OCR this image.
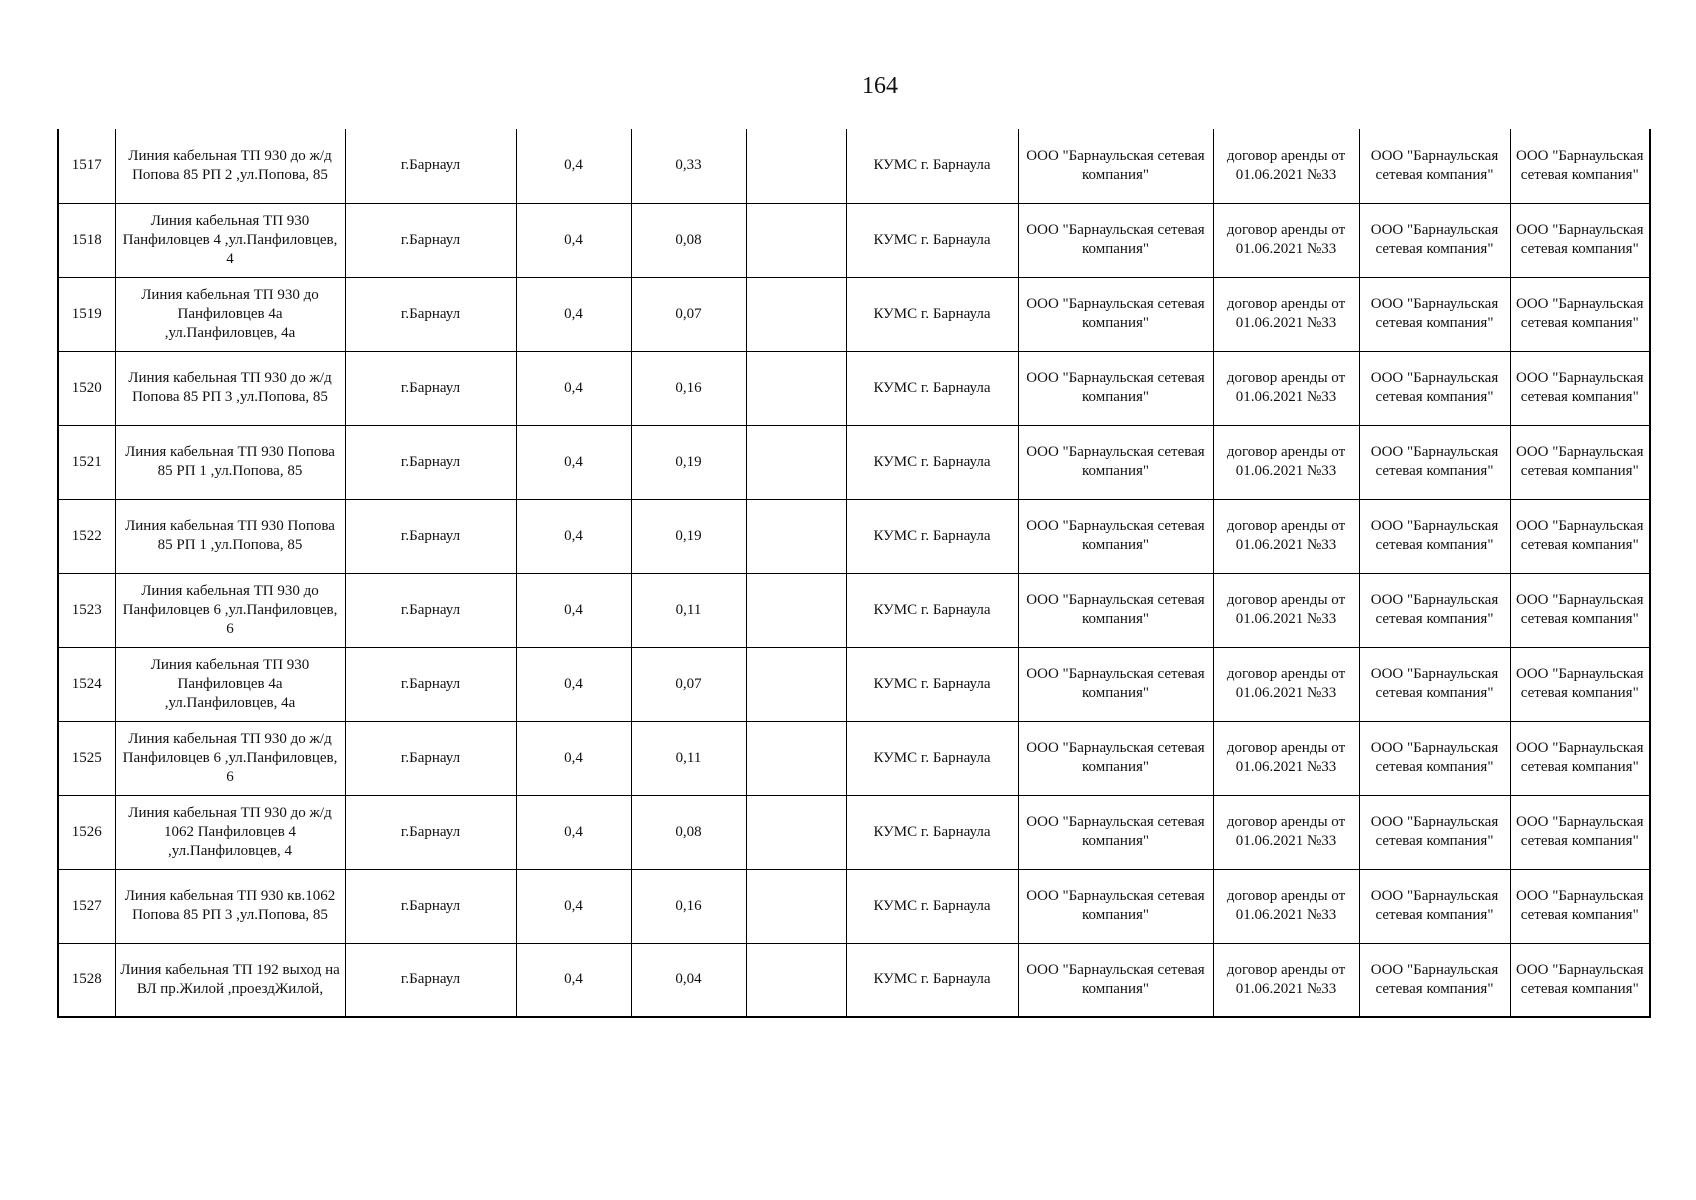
164
1517	Линия кабельная ТП 930 до ж/д Попова 85 РП 2 ,ул.Попова, 85	г.Барнаул	0,4	0,33		КУМС г. Барнаула	ООО "Барнаульская сетевая компания"	договор аренды от 01.06.2021 №33	ООО "Барнаульская сетевая компания"	ООО "Барнаульская сетевая компания"
1518	Линия кабельная ТП 930 Панфиловцев 4 ,ул.Панфиловцев, 4	г.Барнаул	0,4	0,08		КУМС г. Барнаула	ООО "Барнаульская сетевая компания"	договор аренды от 01.06.2021 №33	ООО "Барнаульская сетевая компания"	ООО "Барнаульская сетевая компания"
1519	Линия кабельная ТП 930 до Панфиловцев 4а ,ул.Панфиловцев, 4а	г.Барнаул	0,4	0,07		КУМС г. Барнаула	ООО "Барнаульская сетевая компания"	договор аренды от 01.06.2021 №33	ООО "Барнаульская сетевая компания"	ООО "Барнаульская сетевая компания"
1520	Линия кабельная ТП 930 до ж/д Попова 85 РП 3 ,ул.Попова, 85	г.Барнаул	0,4	0,16		КУМС г. Барнаула	ООО "Барнаульская сетевая компания"	договор аренды от 01.06.2021 №33	ООО "Барнаульская сетевая компания"	ООО "Барнаульская сетевая компания"
1521	Линия кабельная ТП 930 Попова 85 РП 1 ,ул.Попова, 85	г.Барнаул	0,4	0,19		КУМС г. Барнаула	ООО "Барнаульская сетевая компания"	договор аренды от 01.06.2021 №33	ООО "Барнаульская сетевая компания"	ООО "Барнаульская сетевая компания"
1522	Линия кабельная ТП 930 Попова 85 РП 1 ,ул.Попова, 85	г.Барнаул	0,4	0,19		КУМС г. Барнаула	ООО "Барнаульская сетевая компания"	договор аренды от 01.06.2021 №33	ООО "Барнаульская сетевая компания"	ООО "Барнаульская сетевая компания"
1523	Линия кабельная ТП 930 до Панфиловцев 6 ,ул.Панфиловцев, 6	г.Барнаул	0,4	0,11		КУМС г. Барнаула	ООО "Барнаульская сетевая компания"	договор аренды от 01.06.2021 №33	ООО "Барнаульская сетевая компания"	ООО "Барнаульская сетевая компания"
1524	Линия кабельная ТП 930 Панфиловцев 4а ,ул.Панфиловцев, 4а	г.Барнаул	0,4	0,07		КУМС г. Барнаула	ООО "Барнаульская сетевая компания"	договор аренды от 01.06.2021 №33	ООО "Барнаульская сетевая компания"	ООО "Барнаульская сетевая компания"
1525	Линия кабельная ТП 930 до ж/д Панфиловцев 6 ,ул.Панфиловцев, 6	г.Барнаул	0,4	0,11		КУМС г. Барнаула	ООО "Барнаульская сетевая компания"	договор аренды от 01.06.2021 №33	ООО "Барнаульская сетевая компания"	ООО "Барнаульская сетевая компания"
1526	Линия кабельная ТП 930 до ж/д 1062 Панфиловцев 4 ,ул.Панфиловцев, 4	г.Барнаул	0,4	0,08		КУМС г. Барнаула	ООО "Барнаульская сетевая компания"	договор аренды от 01.06.2021 №33	ООО "Барнаульская сетевая компания"	ООО "Барнаульская сетевая компания"
1527	Линия кабельная ТП 930 кв.1062 Попова 85 РП 3 ,ул.Попова, 85	г.Барнаул	0,4	0,16		КУМС г. Барнаула	ООО "Барнаульская сетевая компания"	договор аренды от 01.06.2021 №33	ООО "Барнаульская сетевая компания"	ООО "Барнаульская сетевая компания"
1528	Линия кабельная ТП 192 выход на ВЛ пр.Жилой ,проездЖилой,	г.Барнаул	0,4	0,04		КУМС г. Барнаула	ООО "Барнаульская сетевая компания"	договор аренды от 01.06.2021 №33	ООО "Барнаульская сетевая компания"	ООО "Барнаульская сетевая компания"
